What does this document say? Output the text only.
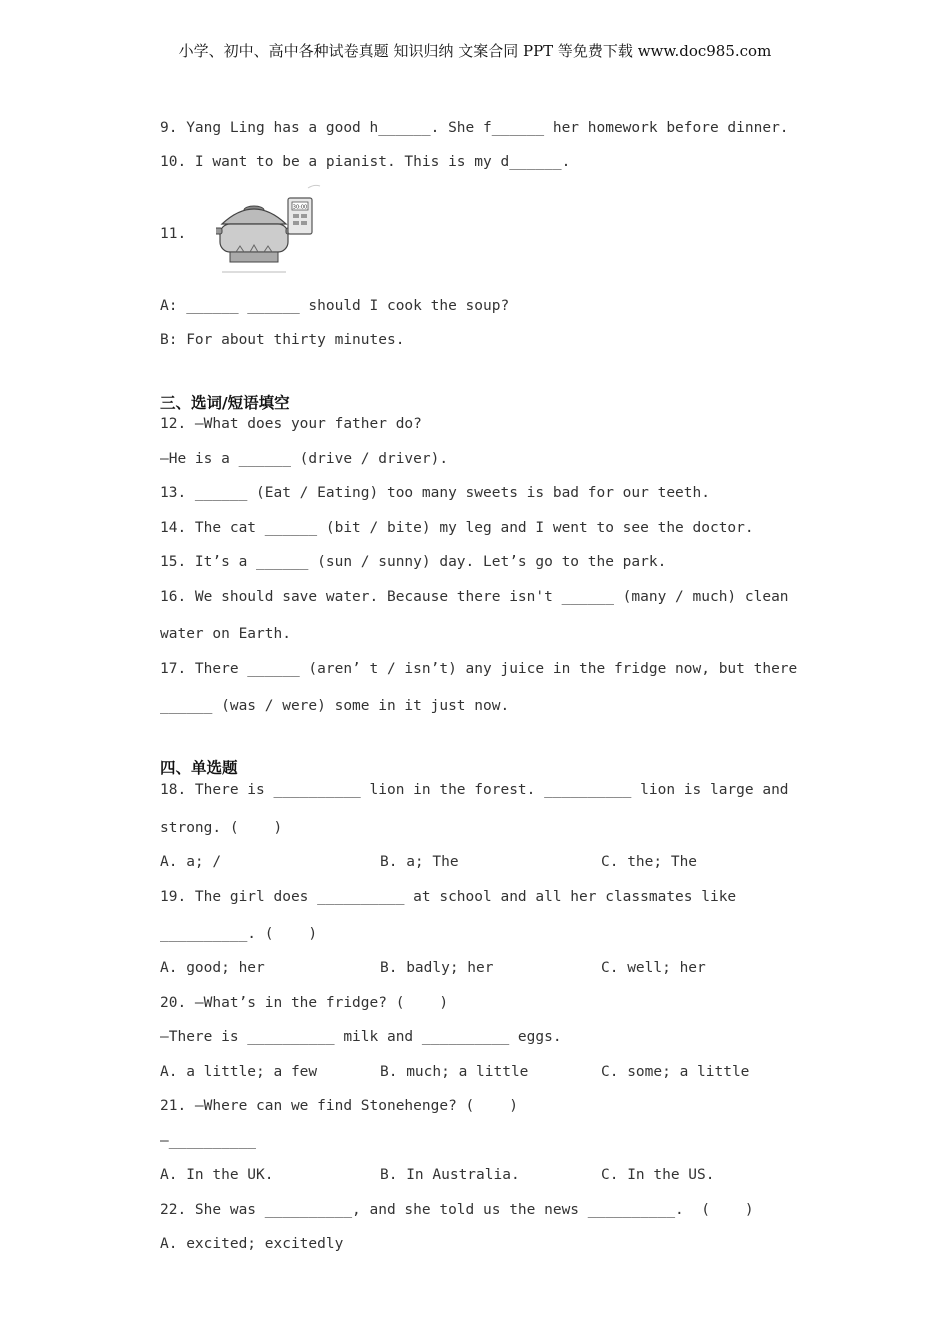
小学、初中、高中各种试卷真题 知识归纳 文案合同 PPT 等免费下载 www.doc985.com
9. Yang Ling has a good h______. She f______ her homework before dinner.
10. I want to be a pianist. This is my d______.
11.
30:00
A: ______ ______ should I cook the soup?
B: For about thirty minutes.
三、选词/短语填空
12. —What does your father do?
—He is a ______ (drive / driver).
13. ______ (Eat / Eating) too many sweets is bad for our teeth.
14. The cat ______ (bit / bite) my leg and I went to see the doctor.
15. It’s a ______ (sun / sunny) day. Let’s go to the park.
16. We should save water. Because there isn't ______ (many / much) clean
water on Earth.
17. There ______ (aren’ t / isn’t) any juice in the fridge now, but there
______ (was / were) some in it just now.
四、单选题
18. There is __________ lion in the forest. __________ lion is large and
strong. (    )
A. a; /	B. a; The	C. the; The
19. The girl does __________ at school and all her classmates like
__________. (    )
A. good; her	B. badly; her	C. well; her
20. —What’s in the fridge? (    )
—There is __________ milk and __________ eggs.
A. a little; a few	B. much; a little	C. some; a little
21. —Where can we find Stonehenge? (    )
—__________
A. In the UK.	B. In Australia.	C. In the US.
22. She was __________, and she told us the news __________.  (    )
A. excited; excitedly
